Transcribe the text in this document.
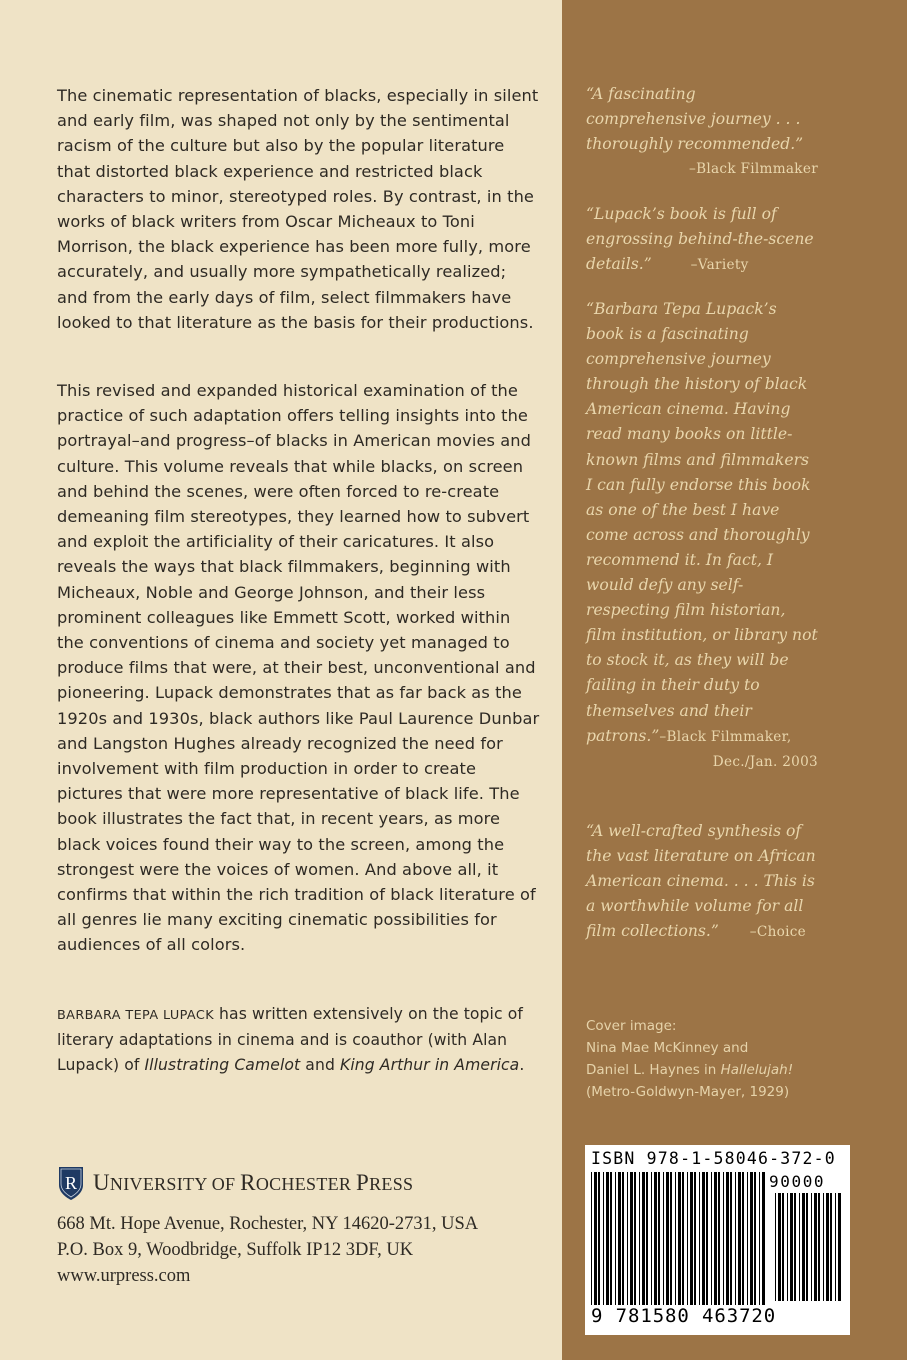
The cinematic representation of blacks, especially in silent and early film, was shaped not only by the sentimental racism of the culture but also by the popular literature that distorted black experience and restricted black characters to minor, stereotyped roles. By contrast, in the works of black writers from Oscar Micheaux to Toni Morrison, the black experience has been more fully, more accurately, and usually more sympathetically realized; and from the early days of film, select filmmakers have looked to that literature as the basis for their productions.

This revised and expanded historical examination of the practice of such adaptation offers telling insights into the portrayal–and progress–of blacks in American movies and culture. This volume reveals that while blacks, on screen and behind the scenes, were often forced to re-create demeaning film stereotypes, they learned how to subvert and exploit the artificiality of their caricatures. It also reveals the ways that black filmmakers, beginning with Micheaux, Noble and George Johnson, and their less prominent colleagues like Emmett Scott, worked within the conventions of cinema and society yet managed to produce films that were, at their best, unconventional and pioneering. Lupack demonstrates that as far back as the 1920s and 1930s, black authors like Paul Laurence Dunbar and Langston Hughes already recognized the need for involvement with film production in order to create pictures that were more representative of black life. The book illustrates the fact that, in recent years, as more black voices found their way to the screen, among the strongest were the voices of women. And above all, it confirms that within the rich tradition of black literature of all genres lie many exciting cinematic possibilities for audiences of all colors.

BARBARA TEPA LUPACK has written extensively on the topic of literary adaptations in cinema and is coauthor (with Alan Lupack) of Illustrating Camelot and King Arthur in America.

R UNIVERSITY OF ROCHESTER PRESS
668 Mt. Hope Avenue, Rochester, NY 14620-2731, USA
P.O. Box 9, Woodbridge, Suffolk IP12 3DF, UK
www.urpress.com
“A fascinating comprehensive journey . . . thoroughly recommended.”
–Black Filmmaker
“Lupack’s book is full of engrossing behind-the-scene details.”	–Variety
“Barbara Tepa Lupack’s book is a fascinating comprehensive journey through the history of black American cinema. Having read many books on little-known films and filmmakers I can fully endorse this book as one of the best I have come across and thoroughly recommend it. In fact, I would defy any self-respecting film historian, film institution, or library not to stock it, as they will be failing in their duty to themselves and their patrons.”–Black Filmmaker,
Dec./Jan. 2003
“A well-crafted synthesis of the vast literature on African American cinema. . . . This is a worthwhile volume for all film collections.” –Choice
Cover image:
Nina Mae McKinney and
Daniel L. Haynes in Hallelujah!
(Metro-Goldwyn-Mayer, 1929)
ISBN 978-1-58046-372-0
90000
9 781580 463720
